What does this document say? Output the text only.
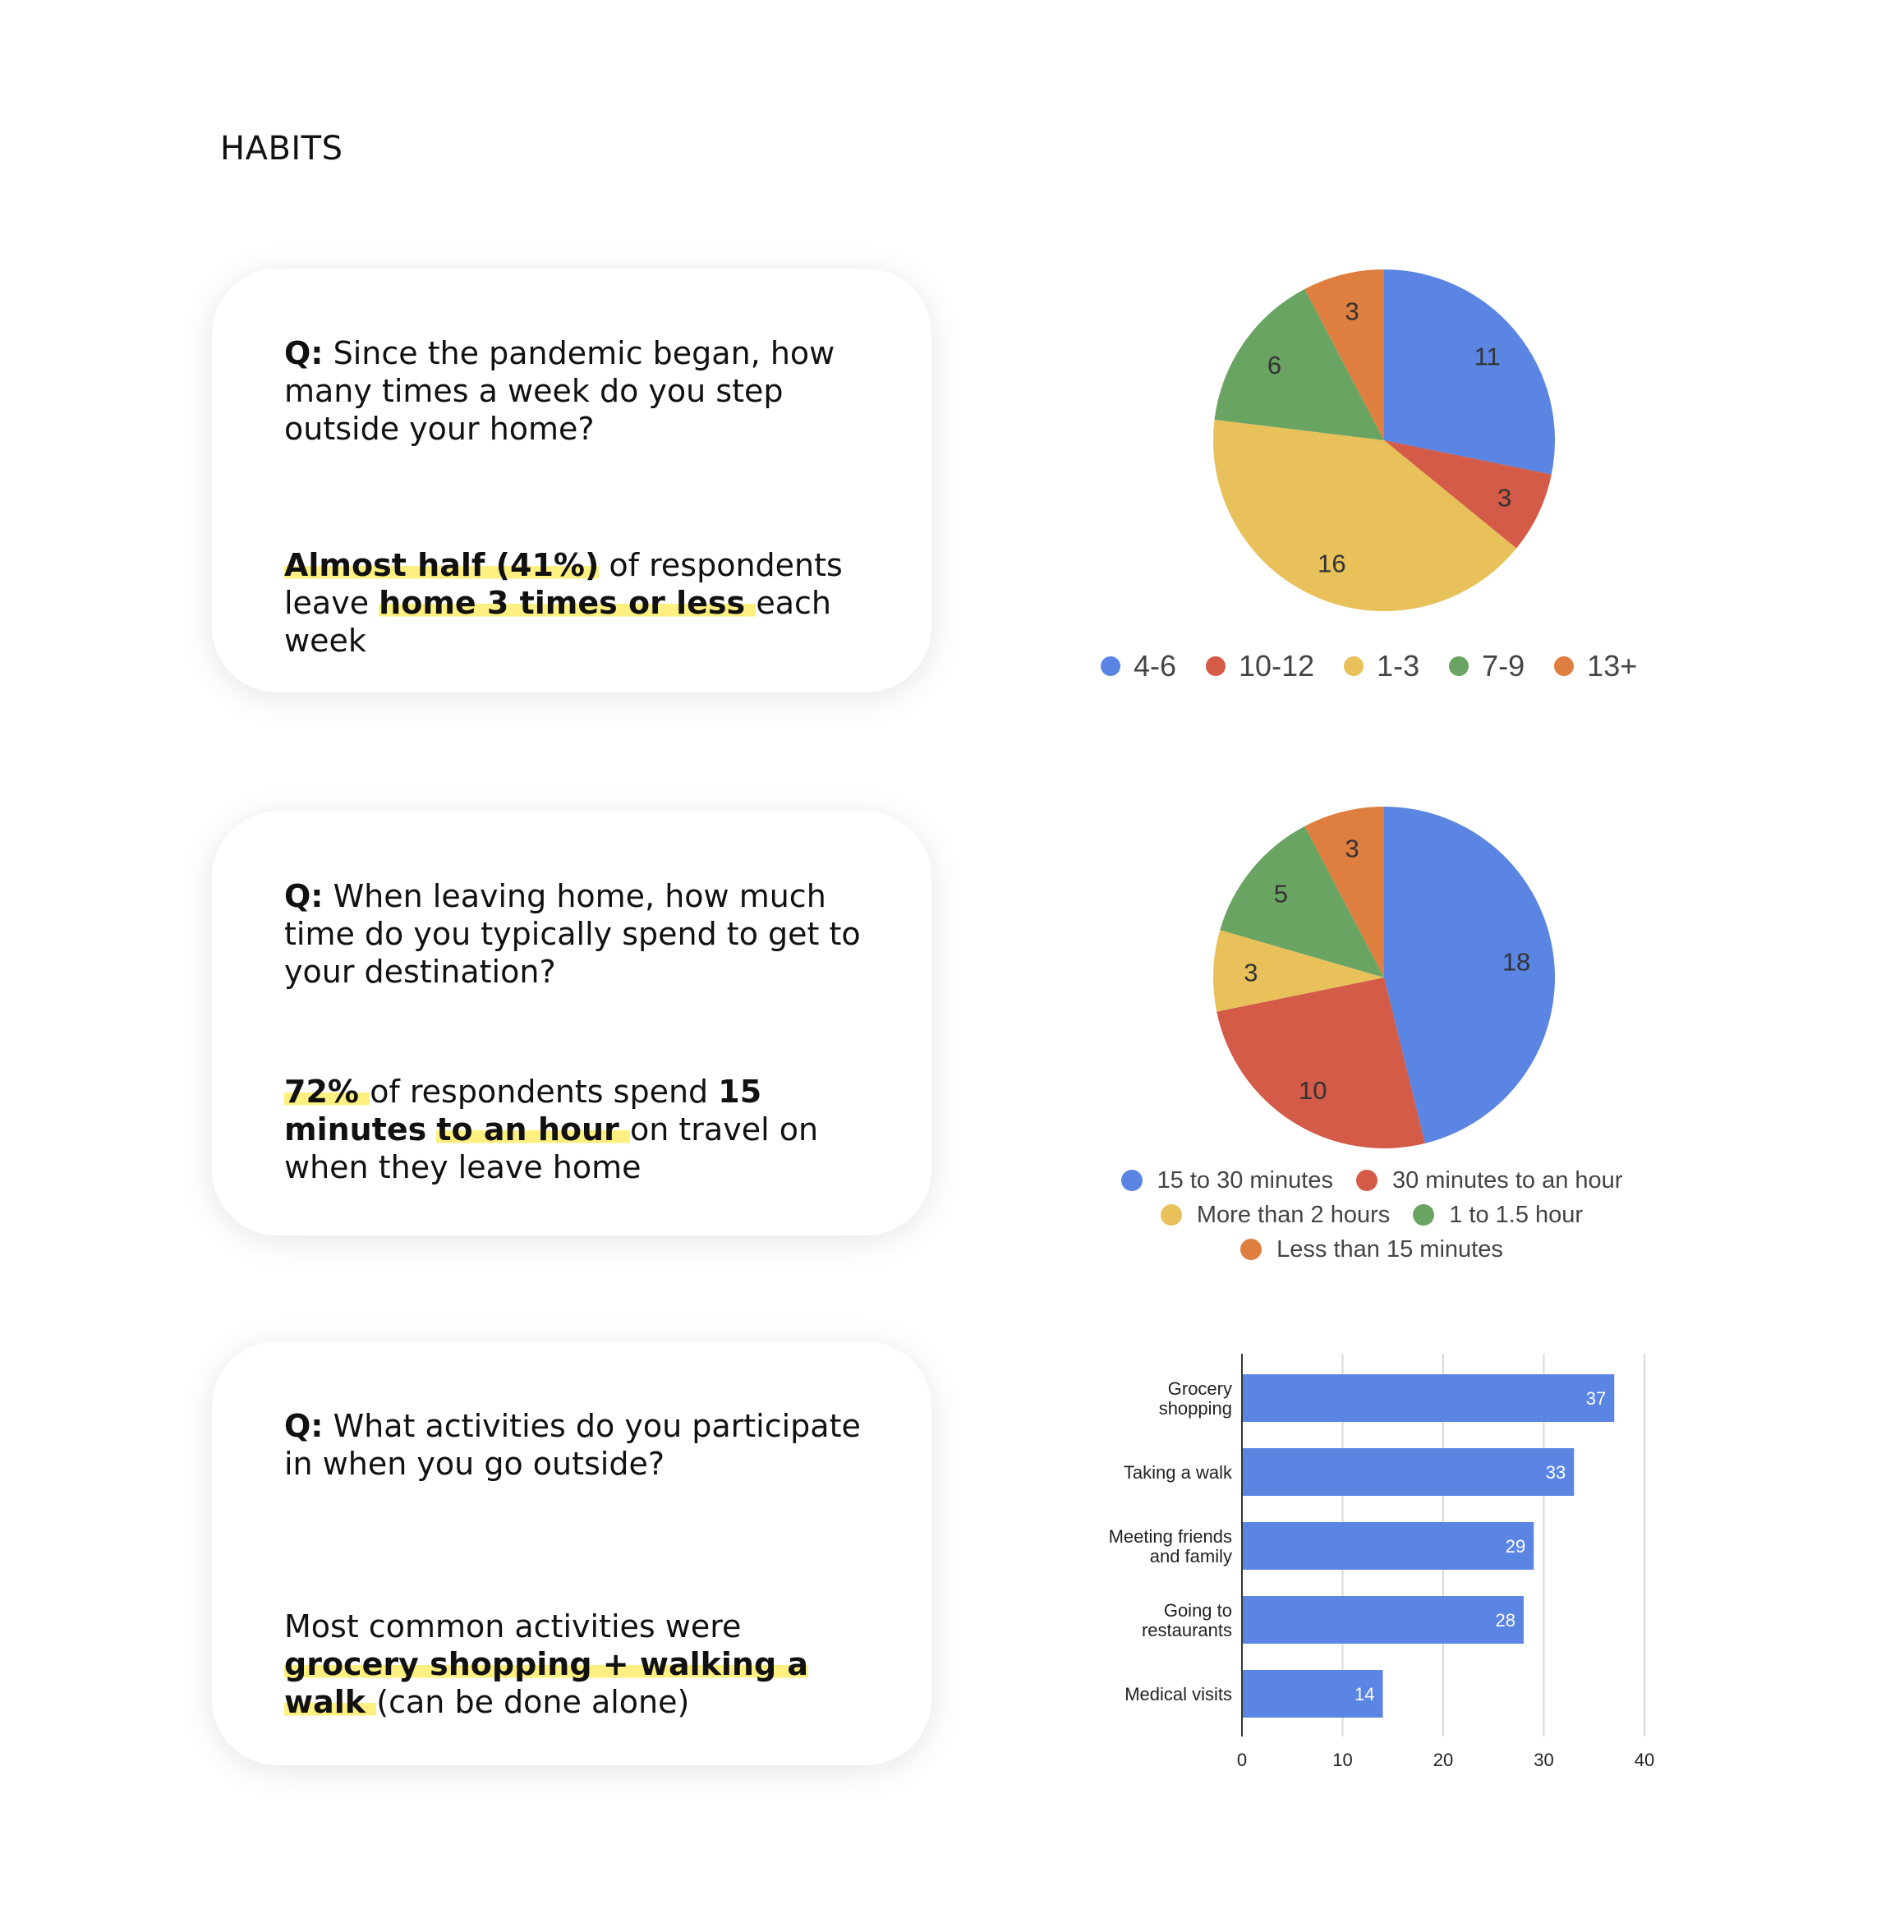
HABITS
Q: Since the pandemic began, how many times a week do you step outside your home?
Almost half (41%) of respondents leave home 3 times or less each week
Q: When leaving home, how much time do you typically spend to get to your destination?
72% of respondents spend 15 minutes to an hour on travel on when they leave home
Q: What activities do you participate in when you go outside?
Most common activities were grocery shopping + walking a walk (can be done alone)
11
3
16
6
3
4-6 10-12 1-3 7-9 13+
18
10
3
5
3
15 to 30 minutes 30 minutes to an hour

More than 2 hours 1 to 1.5 hour

Less than 15 minutes
0	10	20	30	40
37
Grocery
shopping
33
Taking a walk
29
Meeting friends
and family
28
Going to
restaurants
14
Medical visits
